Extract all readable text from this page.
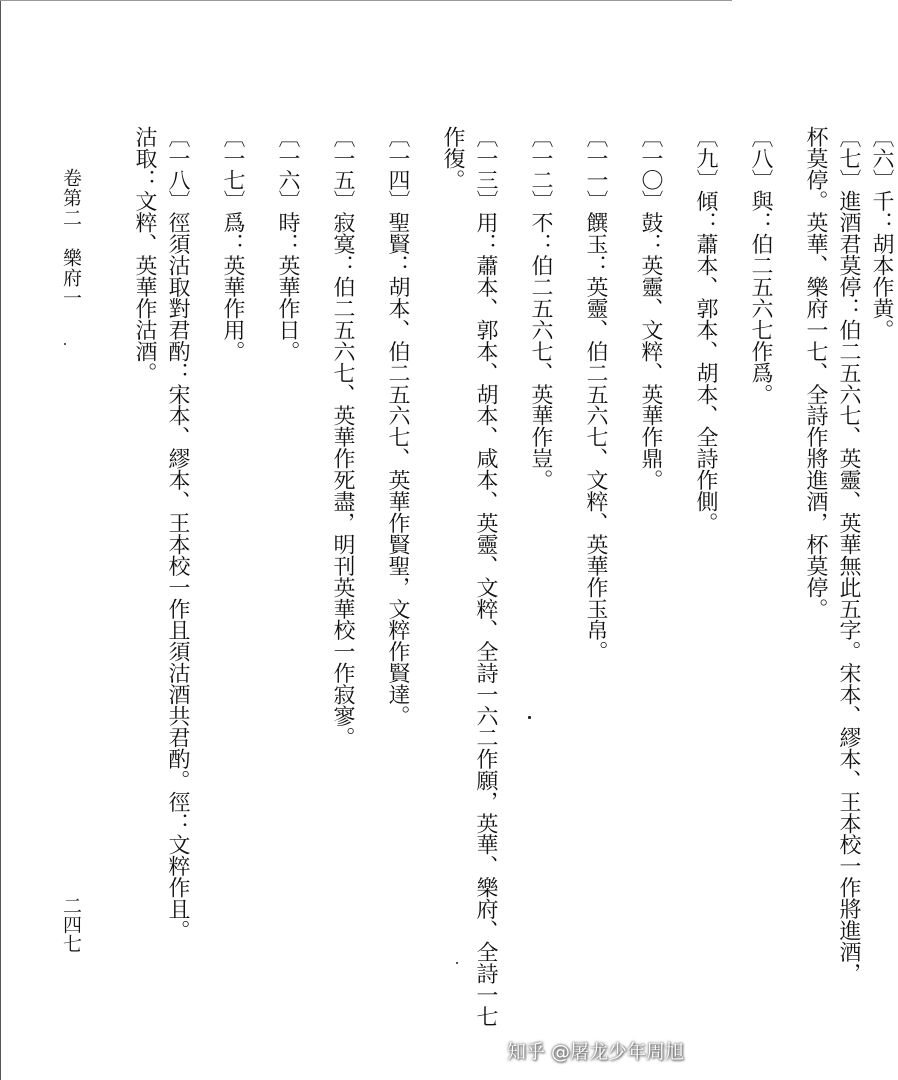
〔六〕千：胡本作黄。
〔七〕進酒君莫停：伯二五六七、英靈、英華無此五字。宋本、繆本、王本校一作將進酒，
杯莫停。英華、樂府一七、全詩作將進酒，杯莫停。
〔八〕與：伯二五六七作爲。
〔九〕傾：蕭本、郭本、胡本、全詩作側。
〔一〇〕鼓：英靈、文粹、英華作鼎。
〔一一〕饌玉：英靈、伯二五六七、文粹、英華作玉帛。
〔一二〕不：伯二五六七、英華作豈。
〔一三〕用：蕭本、郭本、胡本、咸本、英靈、文粹、全詩一六二作願，英華、樂府、全詩一七
作復。
〔一四〕聖賢：胡本、伯二五六七、英華作賢聖，文粹作賢達。
〔一五〕寂寞：伯二五六七、英華作死盡，明刊英華校一作寂寥。
〔一六〕時：英華作日。
〔一七〕爲：英華作用。
〔一八〕徑須沽取對君酌：宋本、繆本、王本校一作且須沽酒共君酌。徑：文粹作且。
沽取：文粹、英華作沽酒。
卷第二樂府一
二四七
知乎 @屠龙少年周旭
